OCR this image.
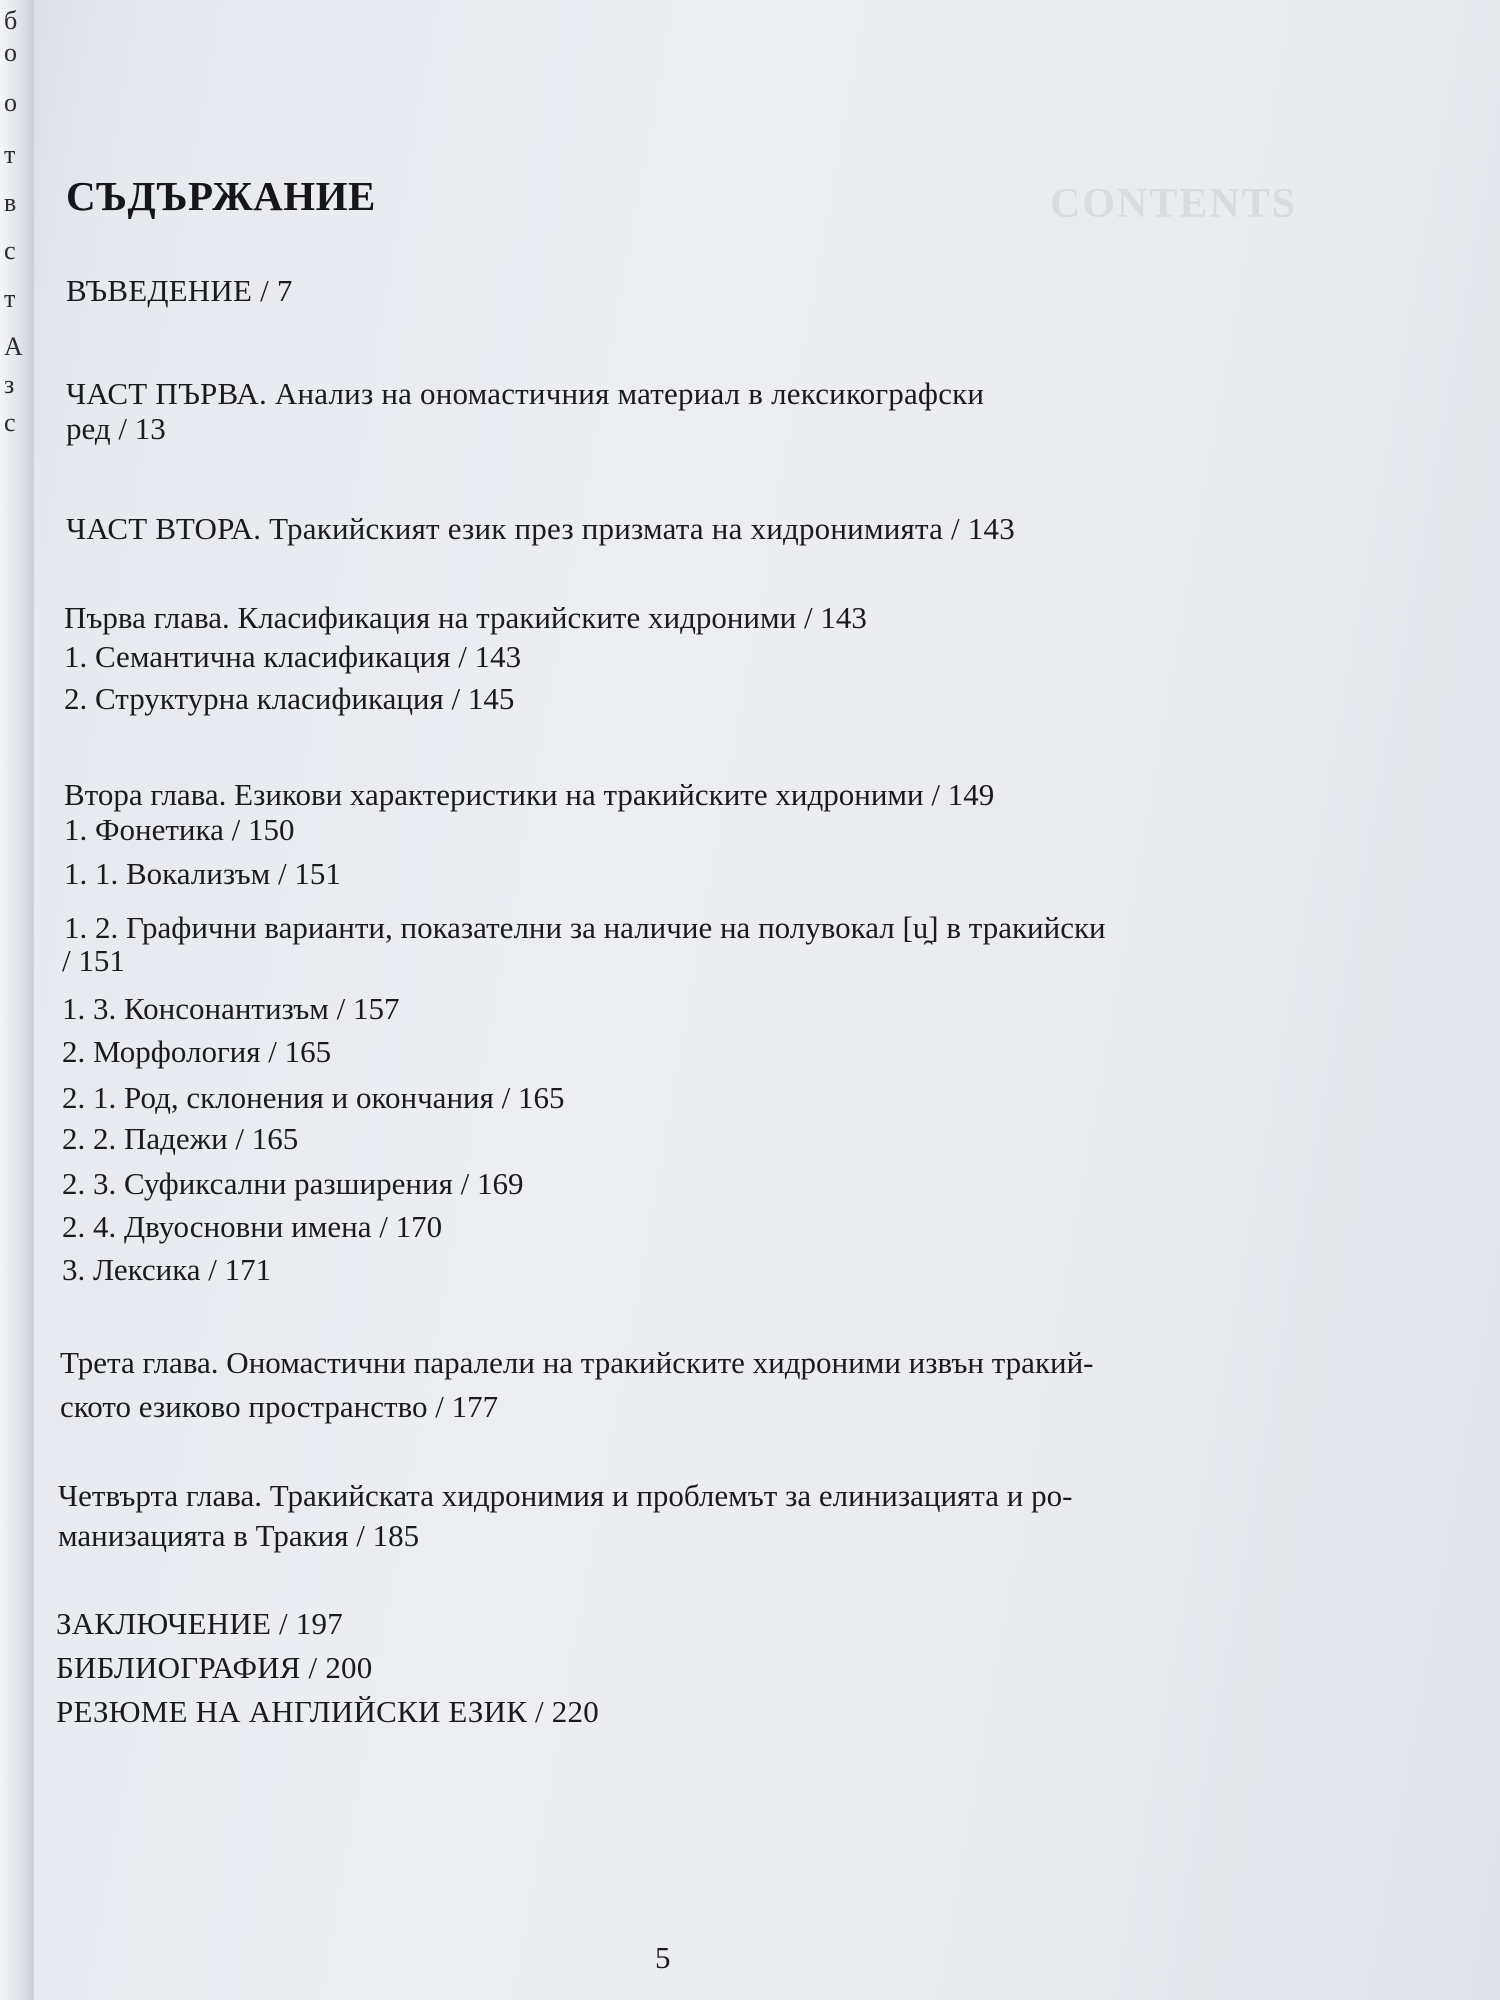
б
о
о
т
в
с
т
А
з
с
CONTENTS
СЪДЪРЖАНИЕ
ВЪВЕДЕНИЕ / 7
ЧАСТ ПЪРВА. Анализ на ономастичния материал в лексикографски
ред / 13
ЧАСТ ВТОРА. Тракийският език през призмата на хидронимията / 143
Първа глава. Класификация на тракийските хидроними / 143
1. Семантична класификация / 143
2. Структурна класификация / 145
Втора глава. Езикови характеристики на тракийските хидроними / 149
1. Фонетика / 150
1. 1. Вокализъм / 151
1. 2. Графични варианти, показателни за наличие на полувокал [u̯] в тракийски
/ 151
1. 3. Консонантизъм / 157
2. Морфология / 165
2. 1. Род, склонения и окончания / 165
2. 2. Падежи / 165
2. 3. Суфиксални разширения / 169
2. 4. Двуосновни имена / 170
3. Лексика / 171
Трета глава. Ономастични паралели на тракийските хидроними извън тракий-
ското езиково пространство / 177
Четвърта глава. Тракийската хидронимия и проблемът за елинизацията и ро-
манизацията в Тракия / 185
ЗАКЛЮЧЕНИЕ / 197
БИБЛИОГРАФИЯ / 200
РЕЗЮМЕ НА АНГЛИЙСКИ ЕЗИК / 220
5
